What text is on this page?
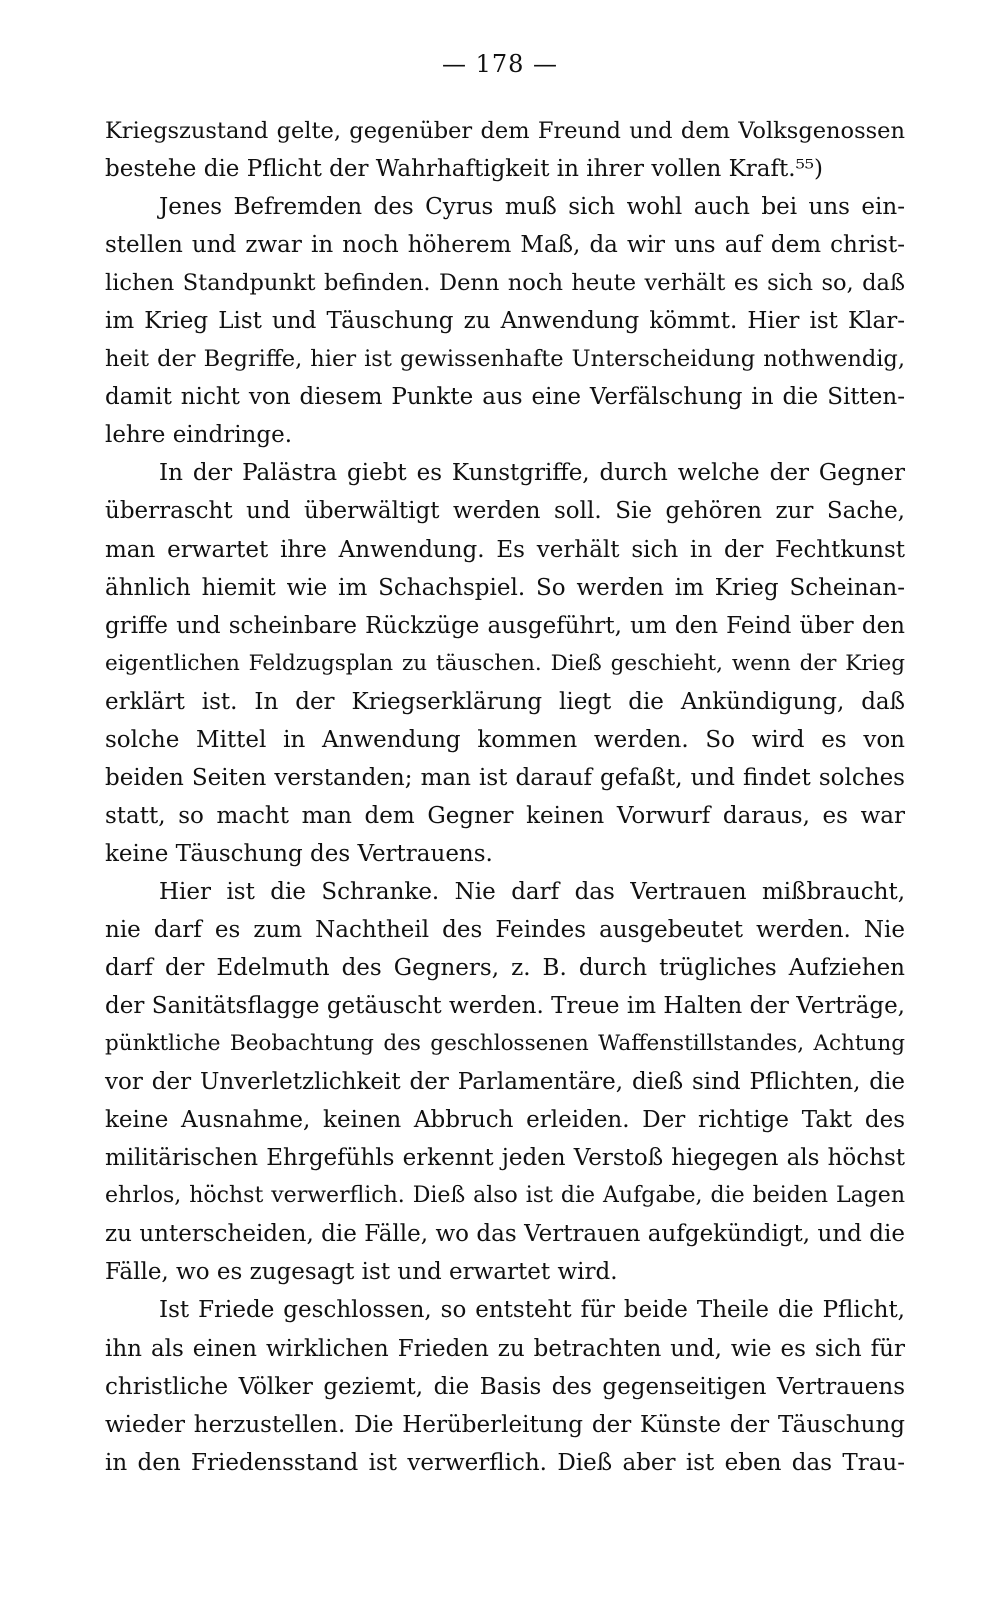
— 178 —
Kriegszustand gelte, gegenüber dem Freund und dem Volksgenossen
bestehe die Pflicht der Wahrhaftigkeit in ihrer vollen Kraft.⁵⁵)
Jenes Befremden des Cyrus muß sich wohl auch bei uns ein-
stellen und zwar in noch höherem Maß, da wir uns auf dem christ-
lichen Standpunkt befinden. Denn noch heute verhält es sich so, daß
im Krieg List und Täuschung zu Anwendung kömmt. Hier ist Klar-
heit der Begriffe, hier ist gewissenhafte Unterscheidung nothwendig,
damit nicht von diesem Punkte aus eine Verfälschung in die Sitten-
lehre eindringe.
In der Palästra giebt es Kunstgriffe, durch welche der Gegner
überrascht und überwältigt werden soll. Sie gehören zur Sache,
man erwartet ihre Anwendung. Es verhält sich in der Fechtkunst
ähnlich hiemit wie im Schachspiel. So werden im Krieg Scheinan-
griffe und scheinbare Rückzüge ausgeführt, um den Feind über den
eigentlichen Feldzugsplan zu täuschen. Dieß geschieht, wenn der Krieg
erklärt ist. In der Kriegserklärung liegt die Ankündigung, daß
solche Mittel in Anwendung kommen werden. So wird es von
beiden Seiten verstanden; man ist darauf gefaßt, und findet solches
statt, so macht man dem Gegner keinen Vorwurf daraus, es war
keine Täuschung des Vertrauens.
Hier ist die Schranke. Nie darf das Vertrauen mißbraucht,
nie darf es zum Nachtheil des Feindes ausgebeutet werden. Nie
darf der Edelmuth des Gegners, z. B. durch trügliches Aufziehen
der Sanitätsflagge getäuscht werden. Treue im Halten der Verträge,
pünktliche Beobachtung des geschlossenen Waffenstillstandes, Achtung
vor der Unverletzlichkeit der Parlamentäre, dieß sind Pflichten, die
keine Ausnahme, keinen Abbruch erleiden. Der richtige Takt des
militärischen Ehrgefühls erkennt jeden Verstoß hiegegen als höchst
ehrlos, höchst verwerflich. Dieß also ist die Aufgabe, die beiden Lagen
zu unterscheiden, die Fälle, wo das Vertrauen aufgekündigt, und die
Fälle, wo es zugesagt ist und erwartet wird.
Ist Friede geschlossen, so entsteht für beide Theile die Pflicht,
ihn als einen wirklichen Frieden zu betrachten und, wie es sich für
christliche Völker geziemt, die Basis des gegenseitigen Vertrauens
wieder herzustellen. Die Herüberleitung der Künste der Täuschung
in den Friedensstand ist verwerflich. Dieß aber ist eben das Trau-
